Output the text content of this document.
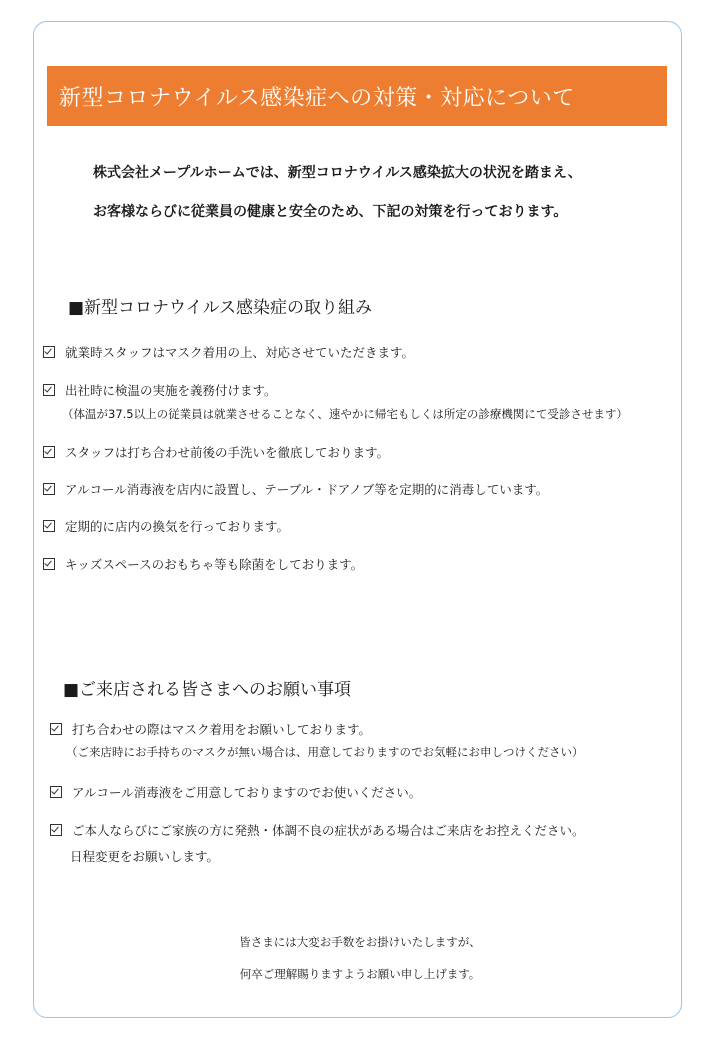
新型コロナウイルス感染症への対策・対応について
株式会社メープルホームでは、新型コロナウイルス感染拡大の状況を踏まえ、
お客様ならびに従業員の健康と安全のため、下記の対策を行っております。
■新型コロナウイルス感染症の取り組み
就業時スタッフはマスク着用の上、対応させていただきます。
出社時に検温の実施を義務付けます。
（体温が37.5以上の従業員は就業させることなく、速やかに帰宅もしくは所定の診療機関にて受診させます）
スタッフは打ち合わせ前後の手洗いを徹底しております。
アルコール消毒液を店内に設置し、テーブル・ドアノブ等を定期的に消毒しています。
定期的に店内の換気を行っております。
キッズスペースのおもちゃ等も除菌をしております。
■ご来店される皆さまへのお願い事項
打ち合わせの際はマスク着用をお願いしております。
（ご来店時にお手持ちのマスクが無い場合は、用意しておりますのでお気軽にお申しつけください）
アルコール消毒液をご用意しておりますのでお使いください。
ご本人ならびにご家族の方に発熱・体調不良の症状がある場合はご来店をお控えください。
日程変更をお願いします。
皆さまには大変お手数をお掛けいたしますが、
何卒ご理解賜りますようお願い申し上げます。
